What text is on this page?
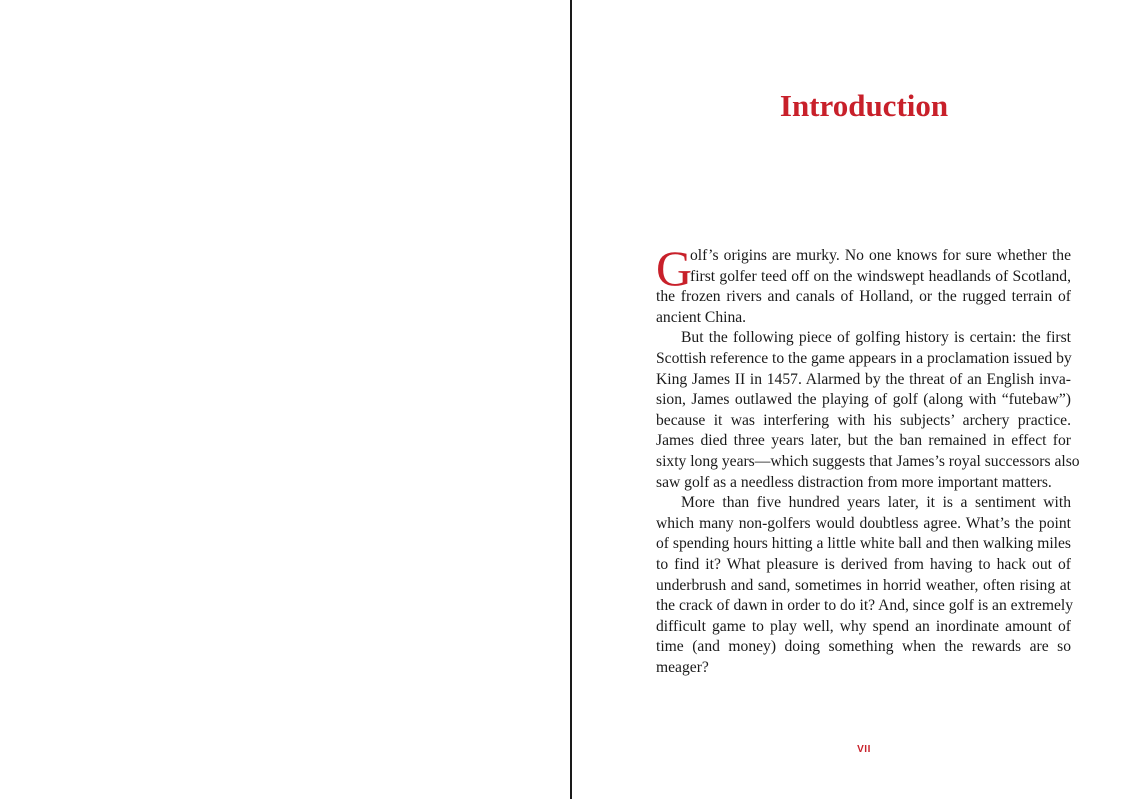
Introduction
G
olf’s origins are murky. No one knows for sure whether the
first golfer teed off on the windswept headlands of Scotland,
the frozen rivers and canals of Holland, or the rugged terrain of
ancient China.
But the following piece of golfing history is certain: the first
Scottish reference to the game appears in a proclamation issued by
King James II in 1457. Alarmed by the threat of an English inva-
sion, James outlawed the playing of golf (along with “futebaw”)
because it was interfering with his subjects’ archery practice.
James died three years later, but the ban remained in effect for
sixty long years—which suggests that James’s royal successors also
saw golf as a needless distraction from more important matters.
More than five hundred years later, it is a sentiment with
which many non-golfers would doubtless agree. What’s the point
of spending hours hitting a little white ball and then walking miles
to find it? What pleasure is derived from having to hack out of
underbrush and sand, sometimes in horrid weather, often rising at
the crack of dawn in order to do it? And, since golf is an extremely
difficult game to play well, why spend an inordinate amount of
time (and money) doing something when the rewards are so
meager?
VII
